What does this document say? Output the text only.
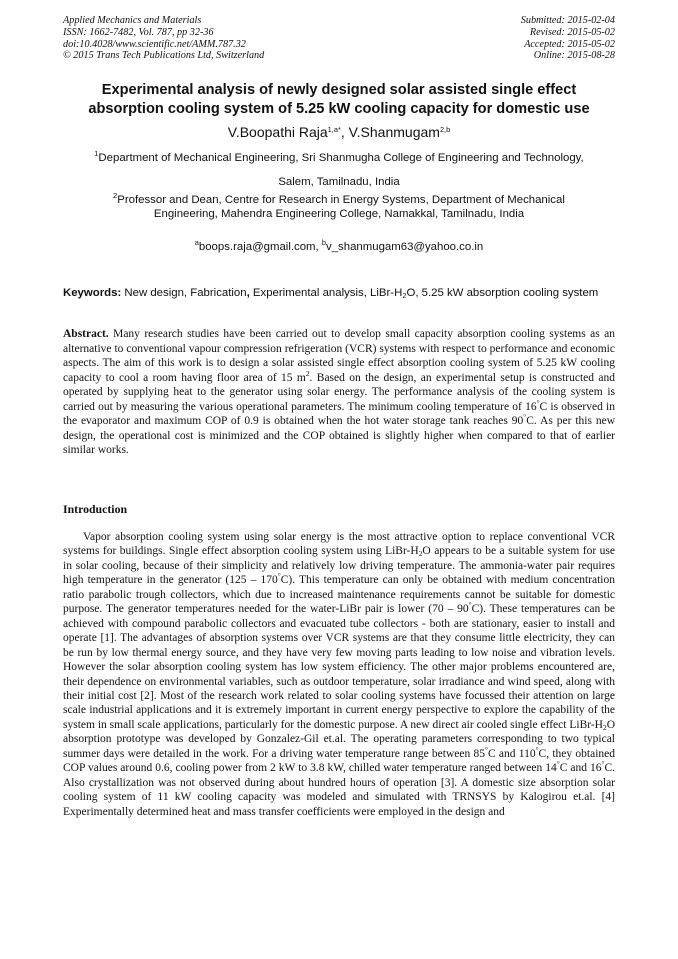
Applied Mechanics and Materials
ISSN: 1662-7482, Vol. 787, pp 32-36
doi:10.4028/www.scientific.net/AMM.787.32
© 2015 Trans Tech Publications Ltd, Switzerland
Submitted: 2015-02-04
Revised: 2015-05-02
Accepted: 2015-05-02
Online: 2015-08-28
Experimental analysis of newly designed solar assisted single effect
absorption cooling system of 5.25 kW cooling capacity for domestic use
V.Boopathi Raja$^{1,a*}$, V.Shanmugam$^{2,b}$
$^1$Department of Mechanical Engineering, Sri Shanmugha College of Engineering and Technology,
Salem, Tamilnadu, India
$^2$Professor and Dean, Centre for Research in Energy Systems, Department of Mechanical
Engineering, Mahendra Engineering College, Namakkal, Tamilnadu, India
$^a$boops.raja@gmail.com, $^b$v_shanmugam63@yahoo.co.in
Keywords: New design, Fabrication, Experimental analysis, LiBr-$H_2O$, 5.25 kW absorption cooling system
Abstract. Many research studies have been carried out to develop small capacity absorption cooling systems as an alternative to conventional vapour compression refrigeration (VCR) systems with respect to performance and economic aspects. The aim of this work is to design a solar assisted single effect absorption cooling system of 5.25 kW cooling capacity to cool a room having floor area of 15 $m^2$. Based on the design, an experimental setup is constructed and operated by supplying heat to the generator using solar energy. The performance analysis of the cooling system is carried out by measuring the various operational parameters. The minimum cooling temperature of 16°C is observed in the evaporator and maximum COP of 0.9 is obtained when the hot water storage tank reaches 90°C. As per this new design, the operational cost is minimized and the COP obtained is slightly higher when compared to that of earlier similar works.
Introduction
Vapor absorption cooling system using solar energy is the most attractive option to replace conventional VCR systems for buildings. Single effect absorption cooling system using LiBr-$H_2O$ appears to be a suitable system for use in solar cooling, because of their simplicity and relatively low driving temperature. The ammonia-water pair requires high temperature in the generator (125 – 170°C). This temperature can only be obtained with medium concentration ratio parabolic trough collectors, which due to increased maintenance requirements cannot be suitable for domestic purpose. The generator temperatures needed for the water-LiBr pair is lower (70 – 90°C). These temperatures can be achieved with compound parabolic collectors and evacuated tube collectors - both are stationary, easier to install and operate [1]. The advantages of absorption systems over VCR systems are that they consume little electricity, they can be run by low thermal energy source, and they have very few moving parts leading to low noise and vibration levels. However the solar absorption cooling system has low system efficiency. The other major problems encountered are, their dependence on environmental variables, such as outdoor temperature, solar irradiance and wind speed, along with their initial cost [2]. Most of the research work related to solar cooling systems have focussed their attention on large scale industrial applications and it is extremely important in current energy perspective to explore the capability of the system in small scale applications, particularly for the domestic purpose. A new direct air cooled single effect LiBr-$H_2O$ absorption prototype was developed by Gonzalez-Gil et.al. The operating parameters corresponding to two typical summer days were detailed in the work. For a driving water temperature range between 85°C and 110°C, they obtained COP values around 0.6, cooling power from 2 kW to 3.8 kW, chilled water temperature ranged between 14°C and 16°C. Also crystallization was not observed during about hundred hours of operation [3]. A domestic size absorption solar cooling system of 11 kW cooling capacity was modeled and simulated with TRNSYS by Kalogirou et.al. [4] Experimentally determined heat and mass transfer coefficients were employed in the design and
